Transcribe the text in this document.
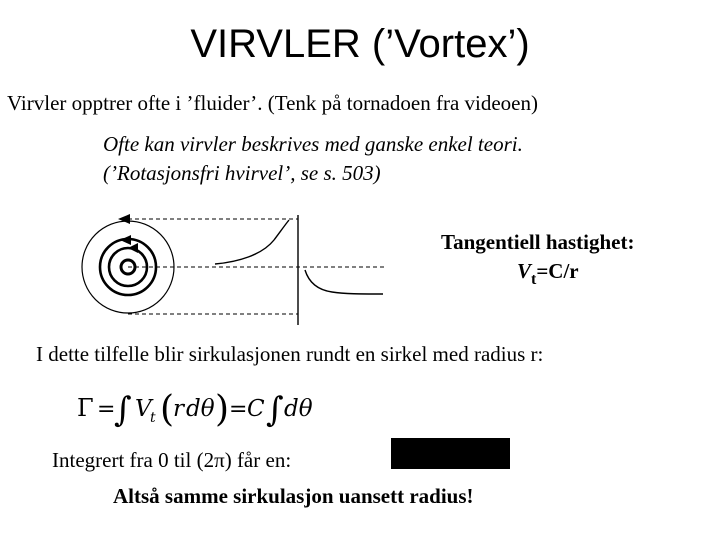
VIRVLER (’Vortex’)
Virvler opptrer ofte i ’fluider’. (Tenk på tornadoen fra videoen)
Ofte kan virvler beskrives med ganske enkel teori. (’Rotasjonsfri hvirvel’, se s. 503)
Tangentiell hastighet:
$V_t=C/r$
I dette tilfelle blir sirkulasjonen rundt en sirkel med radius r:
Γ =
∫ V
t (
r dθ ) = C ∫ dθ
Integrert fra 0 til (2π) får en:
Altså samme sirkulasjon uansett radius!
